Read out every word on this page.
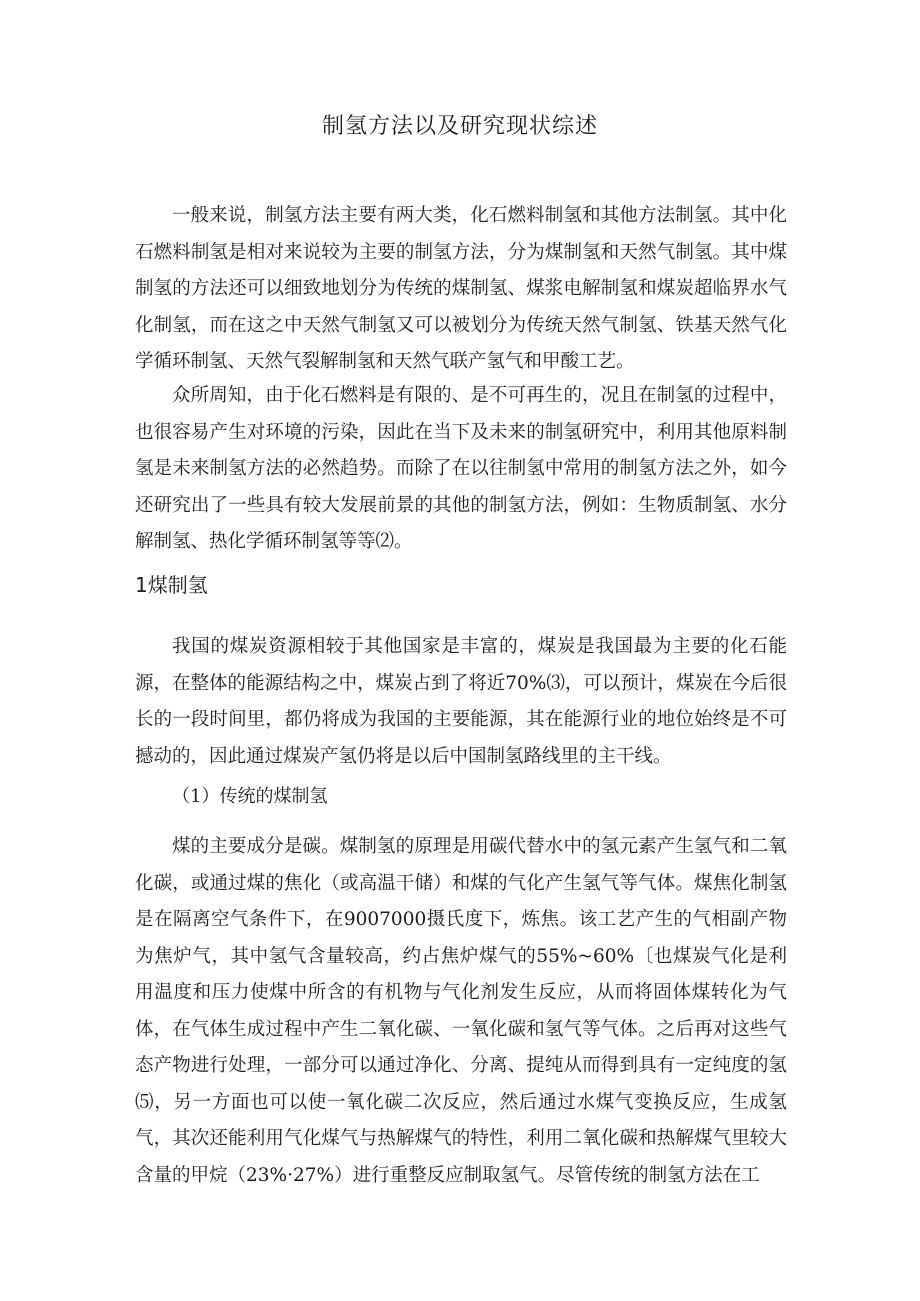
制氢方法以及研究现状综述

一般来说，制氢方法主要有两大类，化石燃料制氢和其他方法制氢。其中化石燃料制氢是相对来说较为主要的制氢方法，分为煤制氢和天然气制氢。其中煤制氢的方法还可以细致地划分为传统的煤制氢、煤浆电解制氢和煤炭超临界水气化制氢，而在这之中天然气制氢又可以被划分为传统天然气制氢、铁基天然气化学循环制氢、天然气裂解制氢和天然气联产氢气和甲酸工艺。

众所周知，由于化石燃料是有限的、是不可再生的，况且在制氢的过程中，也很容易产生对环境的污染，因此在当下及未来的制氢研究中，利用其他原料制氢是未来制氢方法的必然趋势。而除了在以往制氢中常用的制氢方法之外，如今还研究出了一些具有较大发展前景的其他的制氢方法，例如：生物质制氢、水分解制氢、热化学循环制氢等等⑵。

1煤制氢

我国的煤炭资源相较于其他国家是丰富的，煤炭是我国最为主要的化石能源，在整体的能源结构之中，煤炭占到了将近70%⑶，可以预计，煤炭在今后很长的一段时间里，都仍将成为我国的主要能源，其在能源行业的地位始终是不可撼动的，因此通过煤炭产氢仍将是以后中国制氢路线里的主干线。

（1）传统的煤制氢

煤的主要成分是碳。煤制氢的原理是用碳代替水中的氢元素产生氢气和二氧化碳，或通过煤的焦化（或高温干储）和煤的气化产生氢气等气体。煤焦化制氢是在隔离空气条件下，在9007000摄氏度下，炼焦。该工艺产生的气相副产物为焦炉气，其中氢气含量较高，约占焦炉煤气的55%~60%〔也煤炭气化是利用温度和压力使煤中所含的有机物与气化剂发生反应，从而将固体煤转化为气体，在气体生成过程中产生二氧化碳、一氧化碳和氢气等气体。之后再对这些气态产物进行处理，一部分可以通过净化、分离、提纯从而得到具有一定纯度的氢⑸，另一方面也可以使一氧化碳二次反应，然后通过水煤气变换反应，生成氢气，其次还能利用气化煤气与热解煤气的特性，利用二氧化碳和热解煤气里较大含量的甲烷（23%·27%）进行重整反应制取氢气。尽管传统的制氢方法在工
